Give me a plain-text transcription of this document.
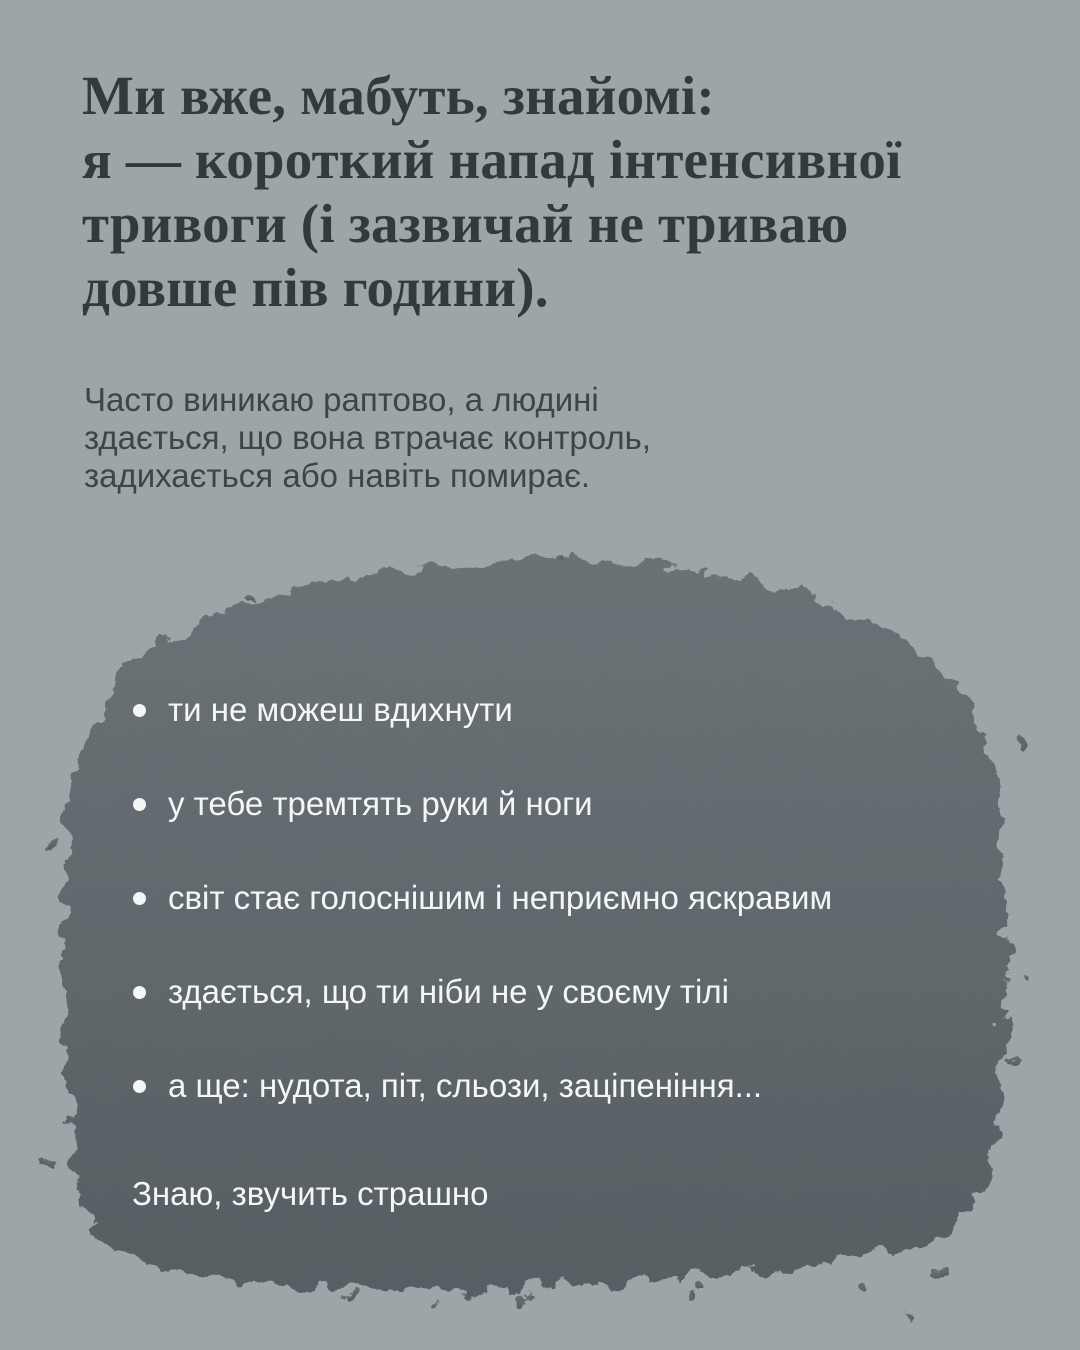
Ми вже, мабуть, знайомі:
я — короткий напад інтенсивної
тривоги (і зазвичай не триваю
довше пів години).

Часто виникаю раптово, а людині
здається, що вона втрачає контроль,
задихається або навіть помирає.

ти не можеш вдихнути
у тебе тремтять руки й ноги
світ стає голоснішим і неприємно яскравим
здається, що ти ніби не у своєму тілі
а ще: нудота, піт, сльози, заціпеніння...
Знаю, звучить страшно
